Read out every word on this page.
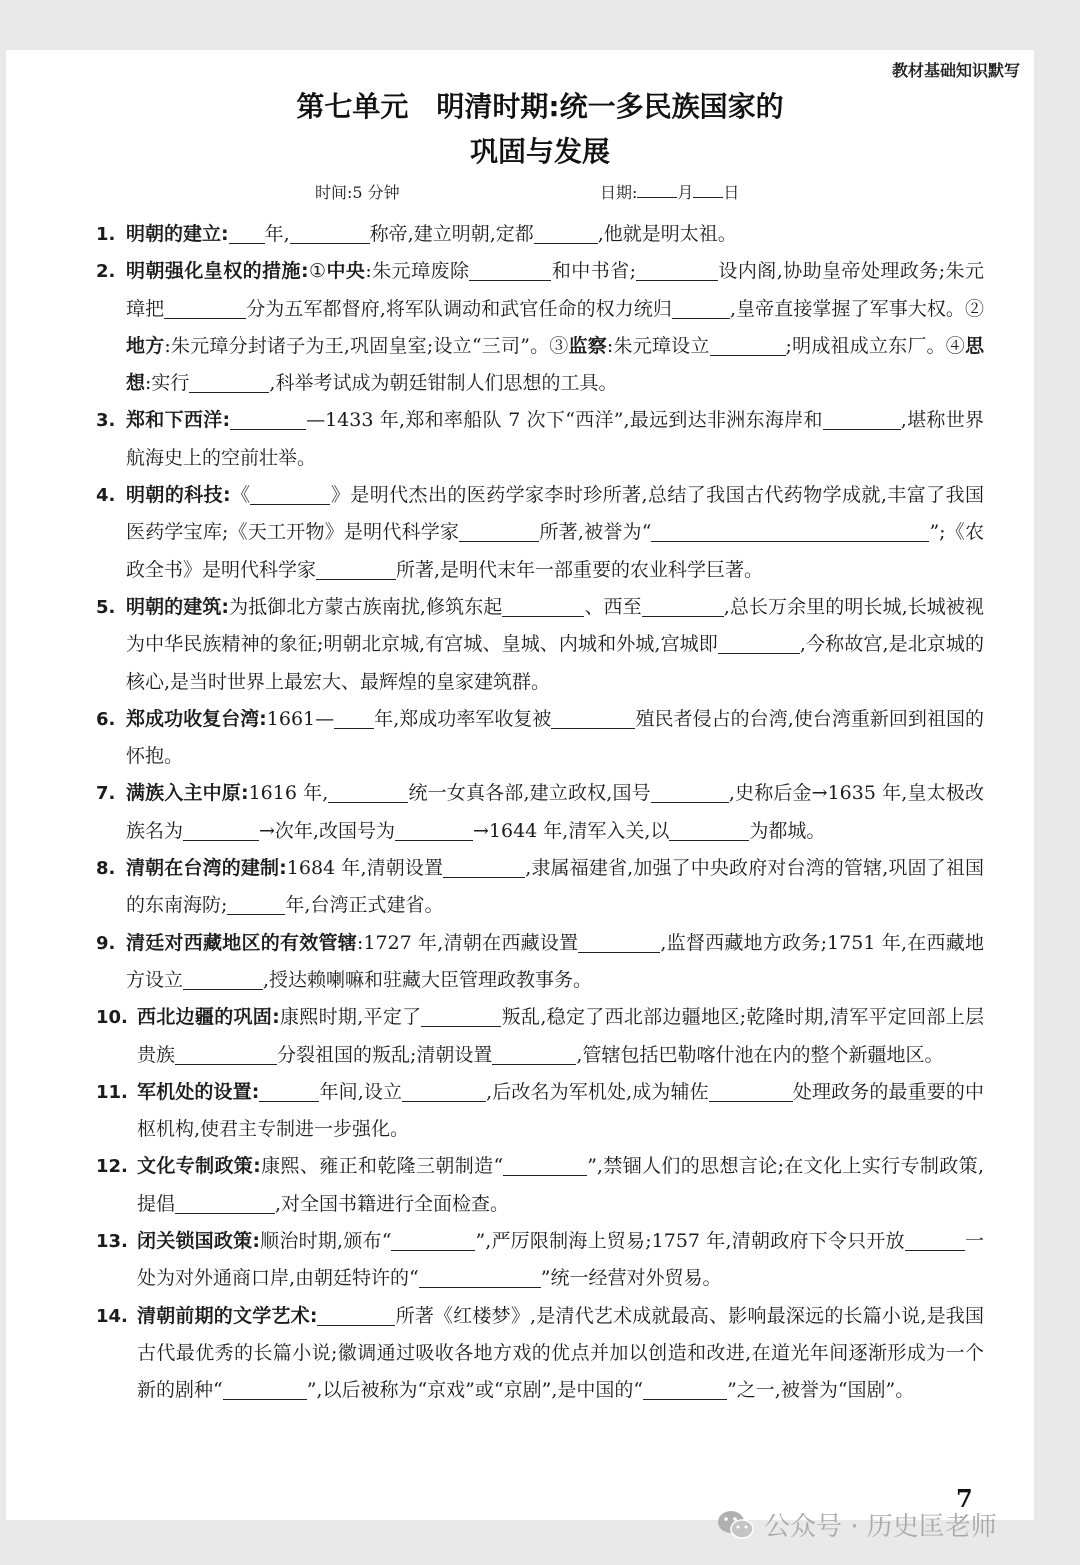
教材基础知识默写
第七单元 明清时期:统一多民族国家的
巩固与发展
时间:5 分钟	日期:	月 日
1. 明朝的建立: 年,	称帝,建立明朝,定都	,他就是明太祖。
2. 明朝强化皇权的措施:①中央:朱元璋废除	和中书省;	设内阁,协助皇帝处理政务;朱元璋把	分为五军都督府,将军队调动和武官任命的权力统归	,皇帝直接掌握了军事大权。②地方:朱元璋分封诸子为王,巩固皇室;设立“三司”。③监察:朱元璋设立	;明成祖成立东厂。④思想:实行	,科举考试成为朝廷钳制人们思想的工具。
3. 郑和下西洋:	—1433 年,郑和率船队 7 次下“西洋”,最远到达非洲东海岸和	,堪称世界航海史上的空前壮举。
4. 明朝的科技:《	》是明代杰出的医药学家李时珍所著,总结了我国古代药物学成就,丰富了我国医药学宝库;《天工开物》是明代科学家	所著,被誉为“	”;《农政全书》是明代科学家	所著,是明代末年一部重要的农业科学巨著。
5. 明朝的建筑:为抵御北方蒙古族南扰,修筑东起	、西至	,总长万余里的明长城,长城被视为中华民族精神的象征;明朝北京城,有宫城、皇城、内城和外城,宫城即	,今称故宫,是北京城的核心,是当时世界上最宏大、最辉煌的皇家建筑群。
6. 郑成功收复台湾:1661— 年,郑成功率军收复被	殖民者侵占的台湾,使台湾重新回到祖国的怀抱。
7. 满族入主中原:1616 年,	统一女真各部,建立政权,国号	,史称后金→1635 年,皇太极改族名为	→次年,改国号为	→1644 年,清军入关,以	为都城。
8. 清朝在台湾的建制:1684 年,清朝设置	,隶属福建省,加强了中央政府对台湾的管辖,巩固了祖国的东南海防;	年,台湾正式建省。
9. 清廷对西藏地区的有效管辖:1727 年,清朝在西藏设置	,监督西藏地方政务;1751 年,在西藏地方设立	,授达赖喇嘛和驻藏大臣管理政教事务。
10. 西北边疆的巩固:康熙时期,平定了	叛乱,稳定了西北部边疆地区;乾隆时期,清军平定回部上层贵族	分裂祖国的叛乱;清朝设置	,管辖包括巴勒喀什池在内的整个新疆地区。
11. 军机处的设置:	年间,设立	,后改名为军机处,成为辅佐	处理政务的最重要的中枢机构,使君主专制进一步强化。
12. 文化专制政策:康熙、雍正和乾隆三朝制造“	”,禁锢人们的思想言论;在文化上实行专制政策,提倡	,对全国书籍进行全面检查。
13. 闭关锁国政策:顺治时期,颁布“	”,严厉限制海上贸易;1757 年,清朝政府下令只开放	一处为对外通商口岸,由朝廷特许的“	”统一经营对外贸易。
14. 清朝前期的文学艺术:	所著《红楼梦》,是清代艺术成就最高、影响最深远的长篇小说,是我国古代最优秀的长篇小说;徽调通过吸收各地方戏的优点并加以创造和改进,在道光年间逐渐形成为一个新的剧种“	”,以后被称为“京戏”或“京剧”,是中国的“	”之一,被誉为“国剧”。
7
公众号 · 历史匡老师
